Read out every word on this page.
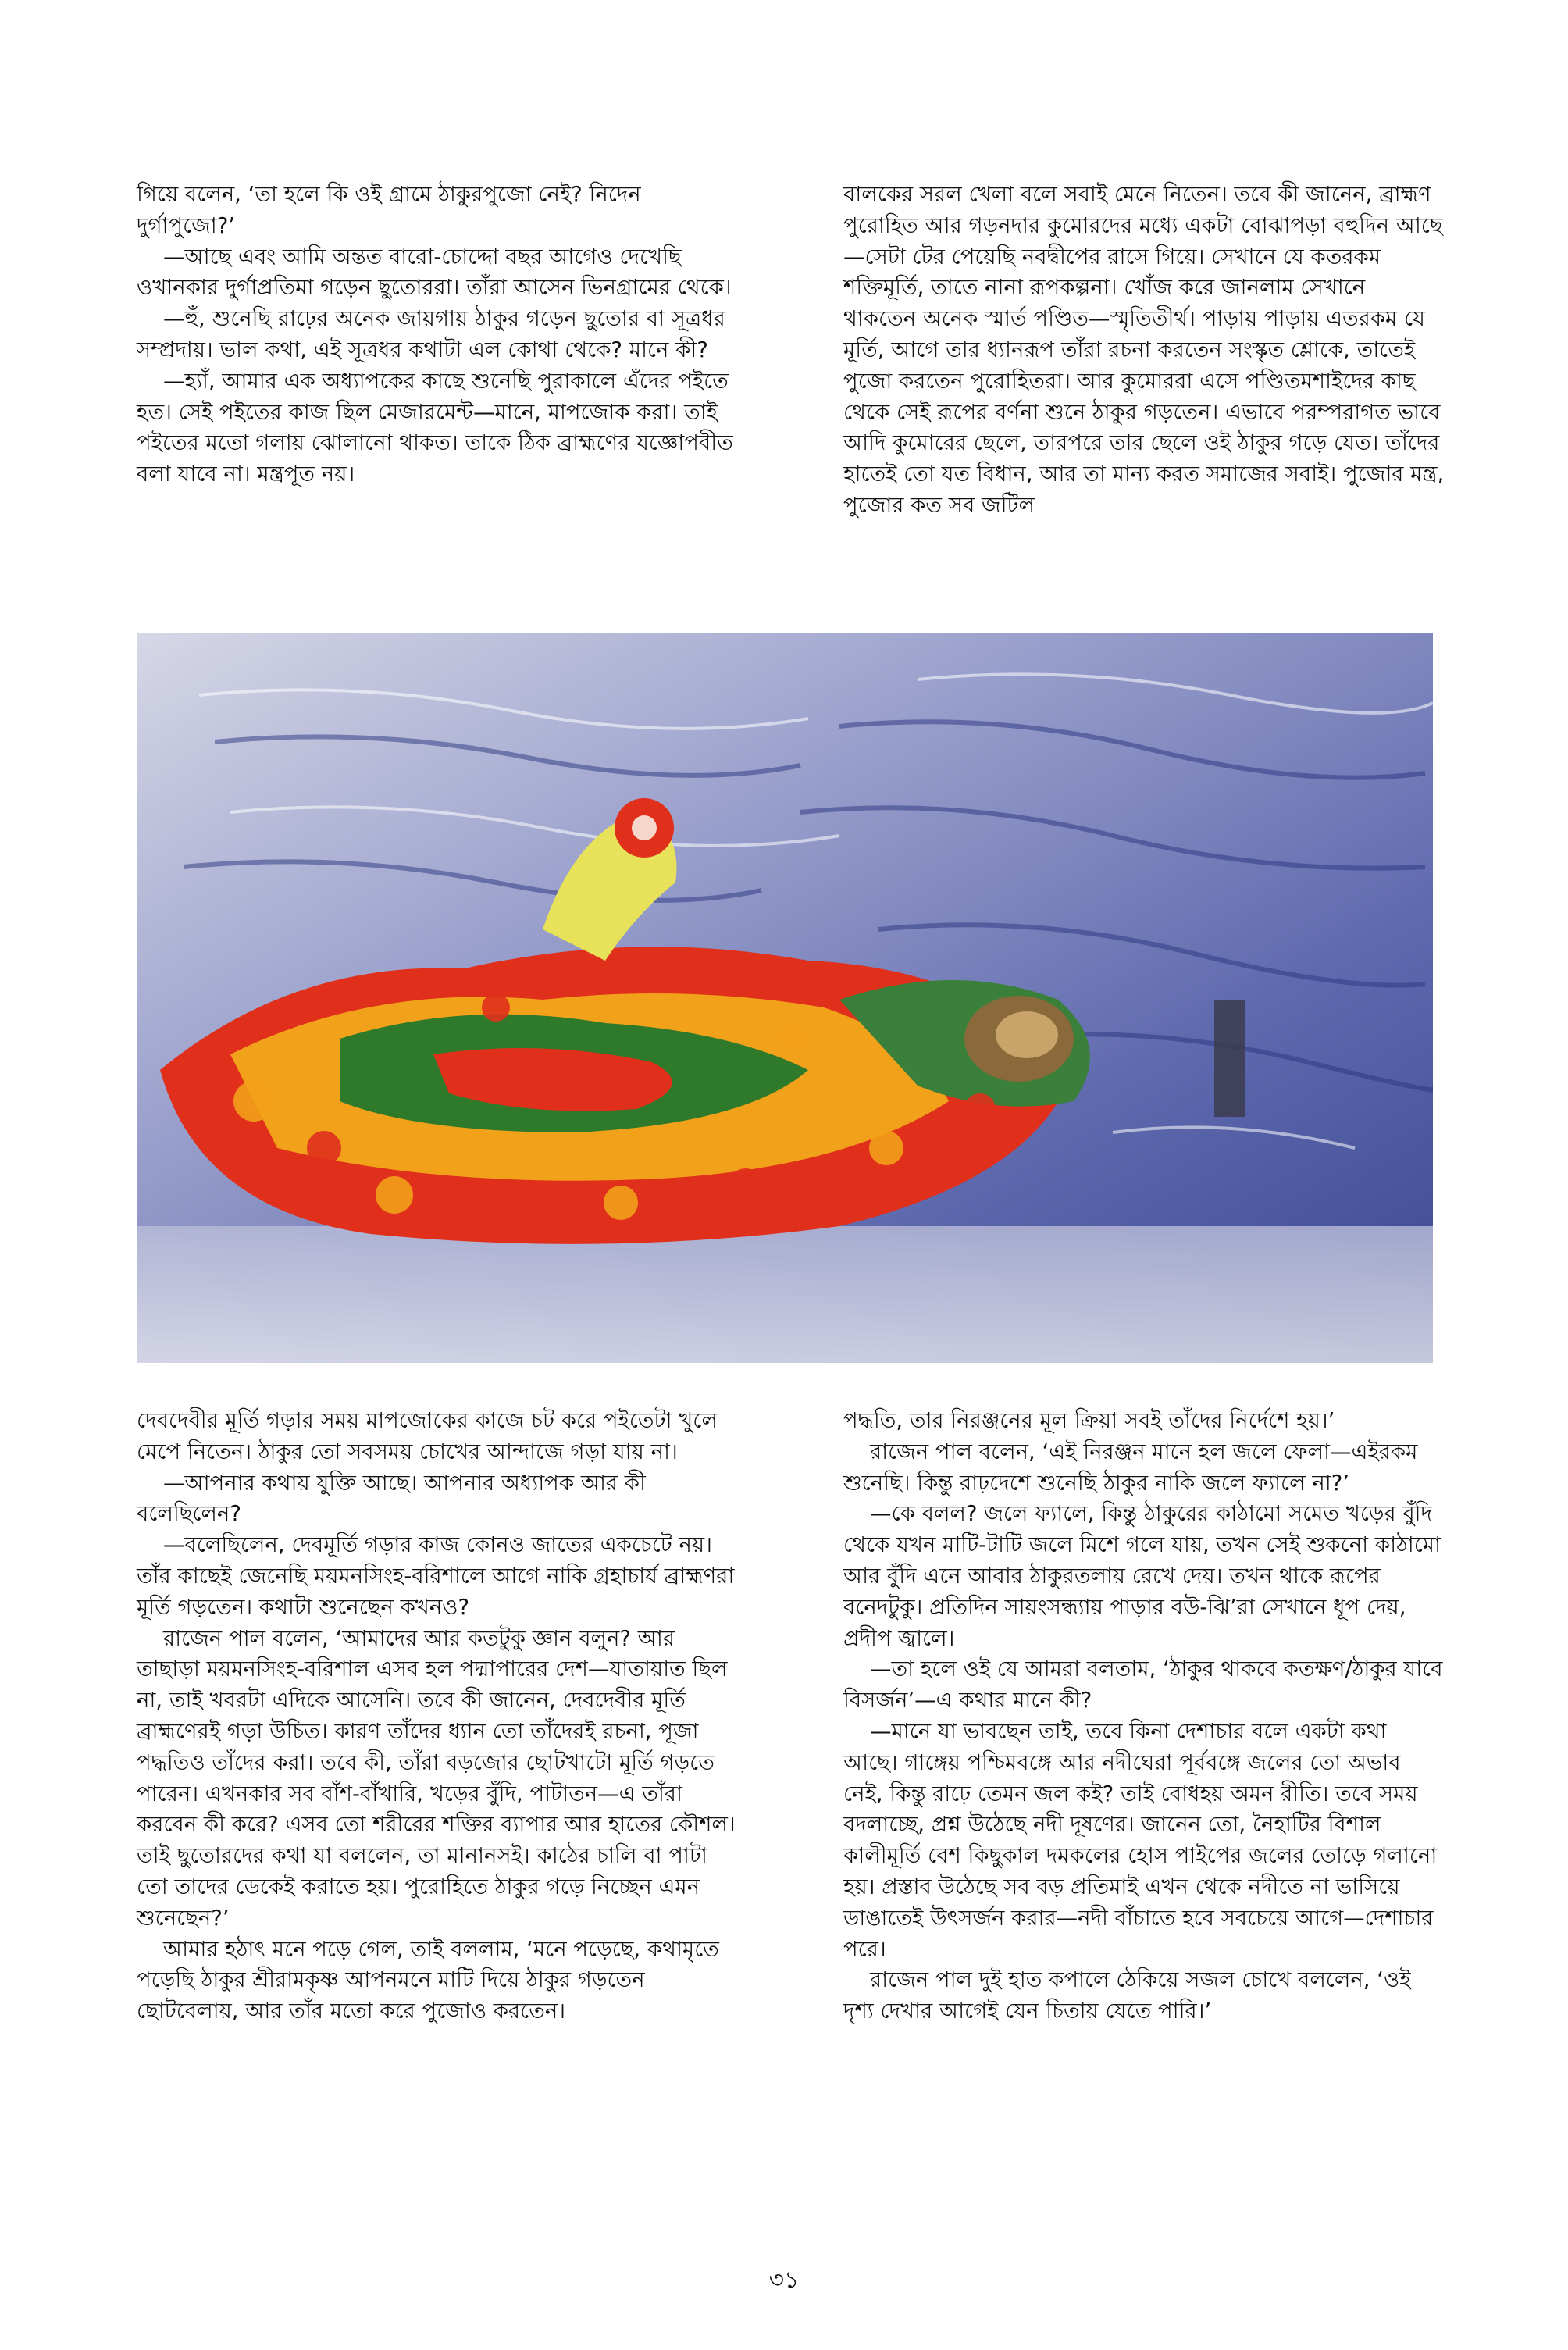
গিয়ে বলেন, ‘তা হলে কি ওই গ্রামে ঠাকুরপুজো নেই? নিদেন দুর্গাপুজো?’

—আছে এবং আমি অন্তত বারো-চোদ্দো বছর আগেও দেখেছি ওখানকার দুর্গাপ্রতিমা গড়েন ছুতোররা। তাঁরা আসেন ভিনগ্রামের থেকে।

—হুঁ, শুনেছি রাঢ়ের অনেক জায়গায় ঠাকুর গড়েন ছুতোর বা সূত্রধর সম্প্রদায়। ভাল কথা, এই সূত্রধর কথাটা এল কোথা থেকে? মানে কী?

—হ্যাঁ, আমার এক অধ্যাপকের কাছে শুনেছি পুরাকালে এঁদের পইতে হত। সেই পইতের কাজ ছিল মেজারমেন্ট—মানে, মাপজোক করা। তাই পইতের মতো গলায় ঝোলানো থাকত। তাকে ঠিক ব্রাহ্মণের যজ্ঞোপবীত বলা যাবে না। মন্ত্রপূত নয়।

বালকের সরল খেলা বলে সবাই মেনে নিতেন। তবে কী জানেন, ব্রাহ্মণ পুরোহিত আর গড়নদার কুমোরদের মধ্যে একটা বোঝাপড়া বহুদিন আছে—সেটা টের পেয়েছি নবদ্বীপের রাসে গিয়ে। সেখানে যে কতরকম শক্তিমূর্তি, তাতে নানা রূপকল্পনা। খোঁজ করে জানলাম সেখানে থাকতেন অনেক স্মার্ত পণ্ডিত—স্মৃতিতীর্থ। পাড়ায় পাড়ায় এতরকম যে মূর্তি, আগে তার ধ্যানরূপ তাঁরা রচনা করতেন সংস্কৃত শ্লোকে, তাতেই পুজো করতেন পুরোহিতরা। আর কুমোররা এসে পণ্ডিতমশাইদের কাছ থেকে সেই রূপের বর্ণনা শুনে ঠাকুর গড়তেন। এভাবে পরম্পরাগত ভাবে আদি কুমোরের ছেলে, তারপরে তার ছেলে ওই ঠাকুর গড়ে যেত। তাঁদের হাতেই তো যত বিধান, আর তা মান্য করত সমাজের সবাই। পুজোর মন্ত্র, পুজোর কত সব জটিল

দেবদেবীর মূর্তি গড়ার সময় মাপজোকের কাজে চট করে পইতেটা খুলে মেপে নিতেন। ঠাকুর তো সবসময় চোখের আন্দাজে গড়া যায় না।

—আপনার কথায় যুক্তি আছে। আপনার অধ্যাপক আর কী বলেছিলেন?

—বলেছিলেন, দেবমূর্তি গড়ার কাজ কোনও জাতের একচেটে নয়। তাঁর কাছেই জেনেছি ময়মনসিংহ-বরিশালে আগে নাকি গ্রহাচার্য ব্রাহ্মণরা মূর্তি গড়তেন। কথাটা শুনেছেন কখনও?

রাজেন পাল বলেন, ‘আমাদের আর কতটুকু জ্ঞান বলুন? আর তাছাড়া ময়মনসিংহ-বরিশাল এসব হল পদ্মাপারের দেশ—যাতায়াত ছিল না, তাই খবরটা এদিকে আসেনি। তবে কী জানেন, দেবদেবীর মূর্তি ব্রাহ্মণেরই গড়া উচিত। কারণ তাঁদের ধ্যান তো তাঁদেরই রচনা, পূজা পদ্ধতিও তাঁদের করা। তবে কী, তাঁরা বড়জোর ছোটখাটো মূর্তি গড়তে পারেন। এখনকার সব বাঁশ-বাঁখারি, খড়ের বুঁদি, পাটাতন—এ তাঁরা করবেন কী করে? এসব তো শরীরের শক্তির ব্যাপার আর হাতের কৌশল। তাই ছুতোরদের কথা যা বললেন, তা মানানসই। কাঠের চালি বা পাটা তো তাদের ডেকেই করাতে হয়। পুরোহিতে ঠাকুর গড়ে নিচ্ছেন এমন শুনেছেন?’

আমার হঠাৎ মনে পড়ে গেল, তাই বললাম, ‘মনে পড়েছে, কথামৃতে পড়েছি ঠাকুর শ্রীরামকৃষ্ণ আপনমনে মাটি দিয়ে ঠাকুর গড়তেন ছোটবেলায়, আর তাঁর মতো করে পুজোও করতেন।

পদ্ধতি, তার নিরঞ্জনের মূল ক্রিয়া সবই তাঁদের নির্দেশে হয়।’

রাজেন পাল বলেন, ‘এই নিরঞ্জন মানে হল জলে ফেলা—এইরকম শুনেছি। কিন্তু রাঢ়দেশে শুনেছি ঠাকুর নাকি জলে ফ্যালে না?’

—কে বলল? জলে ফ্যালে, কিন্তু ঠাকুরের কাঠামো সমেত খড়ের বুঁদি থেকে যখন মাটি-টাটি জলে মিশে গলে যায়, তখন সেই শুকনো কাঠামো আর বুঁদি এনে আবার ঠাকুরতলায় রেখে দেয়। তখন থাকে রূপের বনেদটুকু। প্রতিদিন সায়ংসন্ধ্যায় পাড়ার বউ-ঝি’রা সেখানে ধূপ দেয়, প্রদীপ জ্বালে।

—তা হলে ওই যে আমরা বলতাম, ‘ঠাকুর থাকবে কতক্ষণ/ঠাকুর যাবে বিসর্জন’—এ কথার মানে কী?

—মানে যা ভাবছেন তাই, তবে কিনা দেশাচার বলে একটা কথা আছে। গাঙ্গেয় পশ্চিমবঙ্গে আর নদীঘেরা পূর্ববঙ্গে জলের তো অভাব নেই, কিন্তু রাঢ়ে তেমন জল কই? তাই বোধহয় অমন রীতি। তবে সময় বদলাচ্ছে, প্রশ্ন উঠেছে নদী দূষণের। জানেন তো, নৈহাটির বিশাল কালীমূর্তি বেশ কিছুকাল দমকলের হোস পাইপের জলের তোড়ে গলানো হয়। প্রস্তাব উঠেছে সব বড় প্রতিমাই এখন থেকে নদীতে না ভাসিয়ে ডাঙাতেই উৎসর্জন করার—নদী বাঁচাতে হবে সবচেয়ে আগে—দেশাচার পরে।

রাজেন পাল দুই হাত কপালে ঠেকিয়ে সজল চোখে বললেন, ‘ওই দৃশ্য দেখার আগেই যেন চিতায় যেতে পারি।’

৩১
